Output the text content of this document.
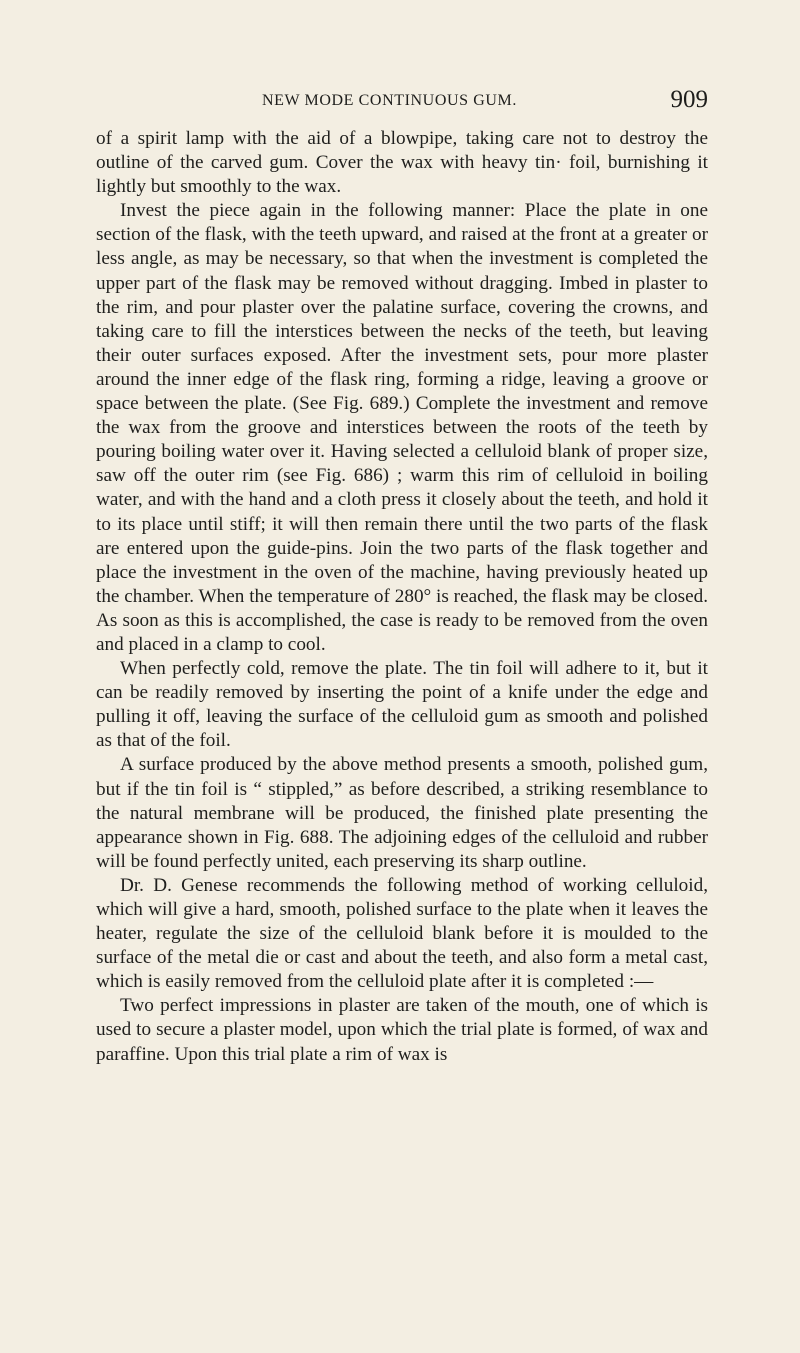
NEW MODE CONTINUOUS GUM.	909

of a spirit lamp with the aid of a blowpipe, taking care not to destroy the outline of the carved gum. Cover the wax with heavy tin· foil, burnishing it lightly but smoothly to the wax.

Invest the piece again in the following manner: Place the plate in one section of the flask, with the teeth upward, and raised at the front at a greater or less angle, as may be necessary, so that when the investment is completed the upper part of the flask may be removed without dragging. Imbed in plaster to the rim, and pour plaster over the palatine surface, covering the crowns, and taking care to fill the interstices between the necks of the teeth, but leaving their outer surfaces exposed. After the investment sets, pour more plaster around the inner edge of the flask ring, forming a ridge, leaving a groove or space between the plate. (See Fig. 689.) Complete the investment and remove the wax from the groove and interstices between the roots of the teeth by pouring boiling water over it. Having selected a celluloid blank of proper size, saw off the outer rim (see Fig. 686) ; warm this rim of celluloid in boiling water, and with the hand and a cloth press it closely about the teeth, and hold it to its place until stiff; it will then remain there until the two parts of the flask are entered upon the guide-pins. Join the two parts of the flask together and place the investment in the oven of the machine, having previously heated up the chamber. When the temperature of 280° is reached, the flask may be closed. As soon as this is accomplished, the case is ready to be removed from the oven and placed in a clamp to cool.

When perfectly cold, remove the plate. The tin foil will adhere to it, but it can be readily removed by inserting the point of a knife under the edge and pulling it off, leaving the surface of the celluloid gum as smooth and polished as that of the foil.

A surface produced by the above method presents a smooth, polished gum, but if the tin foil is “ stippled,” as before described, a striking resemblance to the natural membrane will be produced, the finished plate presenting the appearance shown in Fig. 688. The adjoining edges of the celluloid and rubber will be found perfectly united, each preserving its sharp outline.

Dr. D. Genese recommends the following method of working celluloid, which will give a hard, smooth, polished surface to the plate when it leaves the heater, regulate the size of the celluloid blank before it is moulded to the surface of the metal die or cast and about the teeth, and also form a metal cast, which is easily removed from the celluloid plate after it is completed :—

Two perfect impressions in plaster are taken of the mouth, one of which is used to secure a plaster model, upon which the trial plate is formed, of wax and paraffine. Upon this trial plate a rim of wax is
